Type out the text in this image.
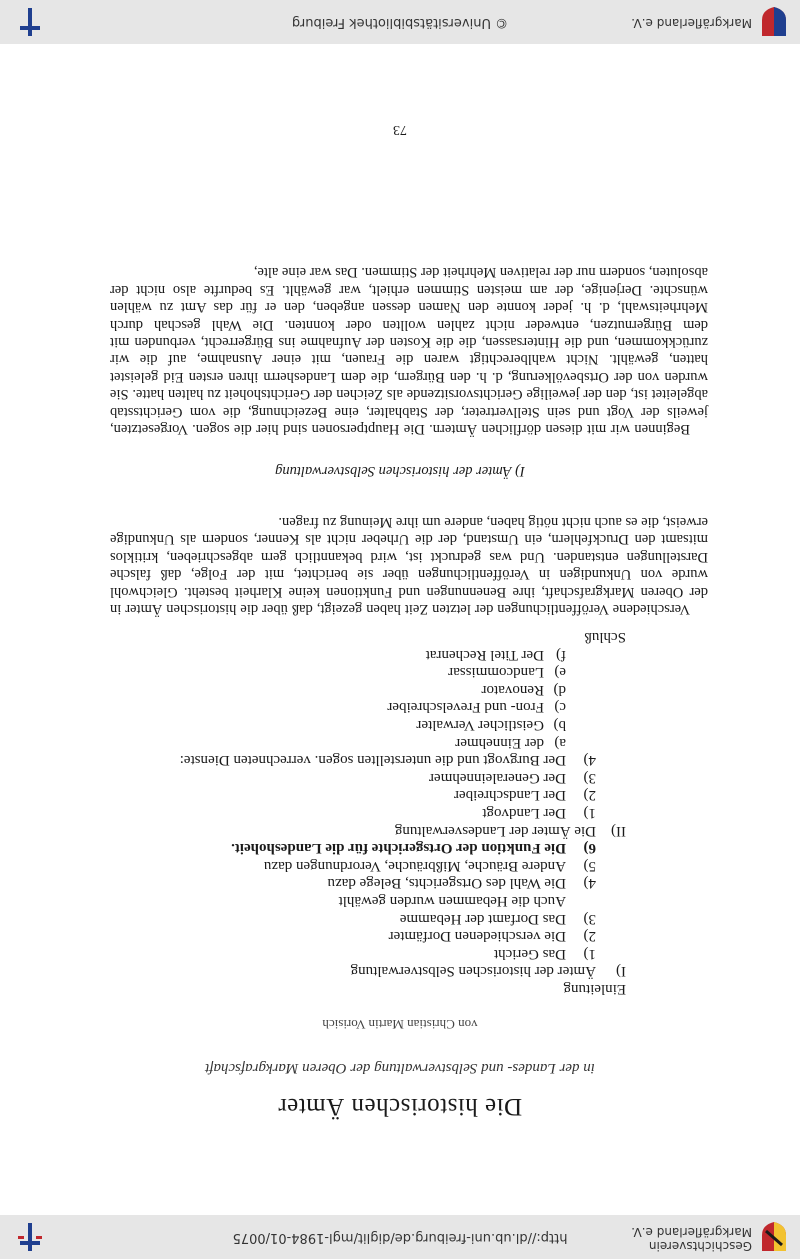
Geschichtsverein
Markgräflerland e.V.
http://dl.ub.uni-freiburg.de/diglit/mgl-1984-01/0075
Die historischen Ämter
in der Landes- und Selbstverwaltung der Oberen Markgrafschaft
von Christian Martin Vorisich
Einleitung
I)
Ämter der historischen Selbstverwaltung
1)
Das Gericht
2)
Die verschiedenen Dorfämter
3)
Das Dorfamt der Hebamme
Auch die Hebammen wurden gewählt
4)
Die Wahl des Ortsgerichts, Belege dazu
5)
Andere Bräuche, Mißbräuche, Verordnungen dazu
6)
Die Funktion der Ortsgerichte für die Landeshoheit.
II)
Die Ämter der Landesverwaltung
1)
Der Landvogt
2)
Der Landschreiber
3)
Der Generaleinnehmer
4)
Der Burgvogt und die unterstellten sogen. verrechneten Dienste:
a)
der Einnehmer
b)
Geistlicher Verwalter
c)
Fron- und Frevelschreiber
d)
Renovator
e)
Landcommissar
f)
Der Titel Rechenrat
Schluß

Verschiedene Veröffentlichungen der letzten Zeit haben gezeigt, daß über die historischen Ämter in der Oberen Markgrafschaft, ihre Benennungen und Funktionen keine Klarheit besteht. Gleichwohl wurde von Unkundigen in Veröffentlichungen über sie berichtet, mit der Folge, daß falsche Darstellungen entstanden. Und was gedruckt ist, wird bekanntlich gern abgeschrieben, kritiklos mitsamt den Druckfehlern, ein Umstand, der die Urheber nicht als Kenner, sondern als Unkundige erweist, die es auch nicht nötig haben, andere um ihre Meinung zu fragen.

I) Ämter der historischen Selbstverwaltung

Beginnen wir mit diesen dörflichen Ämtern. Die Hauptpersonen sind hier die sogen. Vorgesetzten, jeweils der Vogt und sein Stellvertreter, der Stabhalter, eine Bezeichnung, die vom Gerichtsstab abgeleitet ist, den der jeweilige Gerichtsvorsitzende als Zeichen der Gerichtshoheit zu halten hatte. Sie wurden von der Ortsbevölkerung, d. h. den Bürgern, die dem Landesherrn ihren ersten Eid geleistet hatten, gewählt. Nicht wahlberechtigt waren die Frauen, mit einer Ausnahme, auf die wir zurückkommen, und die Hintersassen, die die Kosten der Aufnahme ins Bürgerrecht, verbunden mit dem Bürgernutzen, entweder nicht zahlen wollten oder konnten. Die Wahl geschah durch Mehrheitswahl, d. h. jeder konnte den Namen dessen angeben, den er für das Amt zu wählen wünschte. Derjenige, der am meisten Stimmen erhielt, war gewählt. Es bedurfte also nicht der absoluten, sondern nur der relativen Mehrheit der Stimmen. Das war eine alte,

73
Markgräflerland e.V.
© Universitätsbibliothek Freiburg
